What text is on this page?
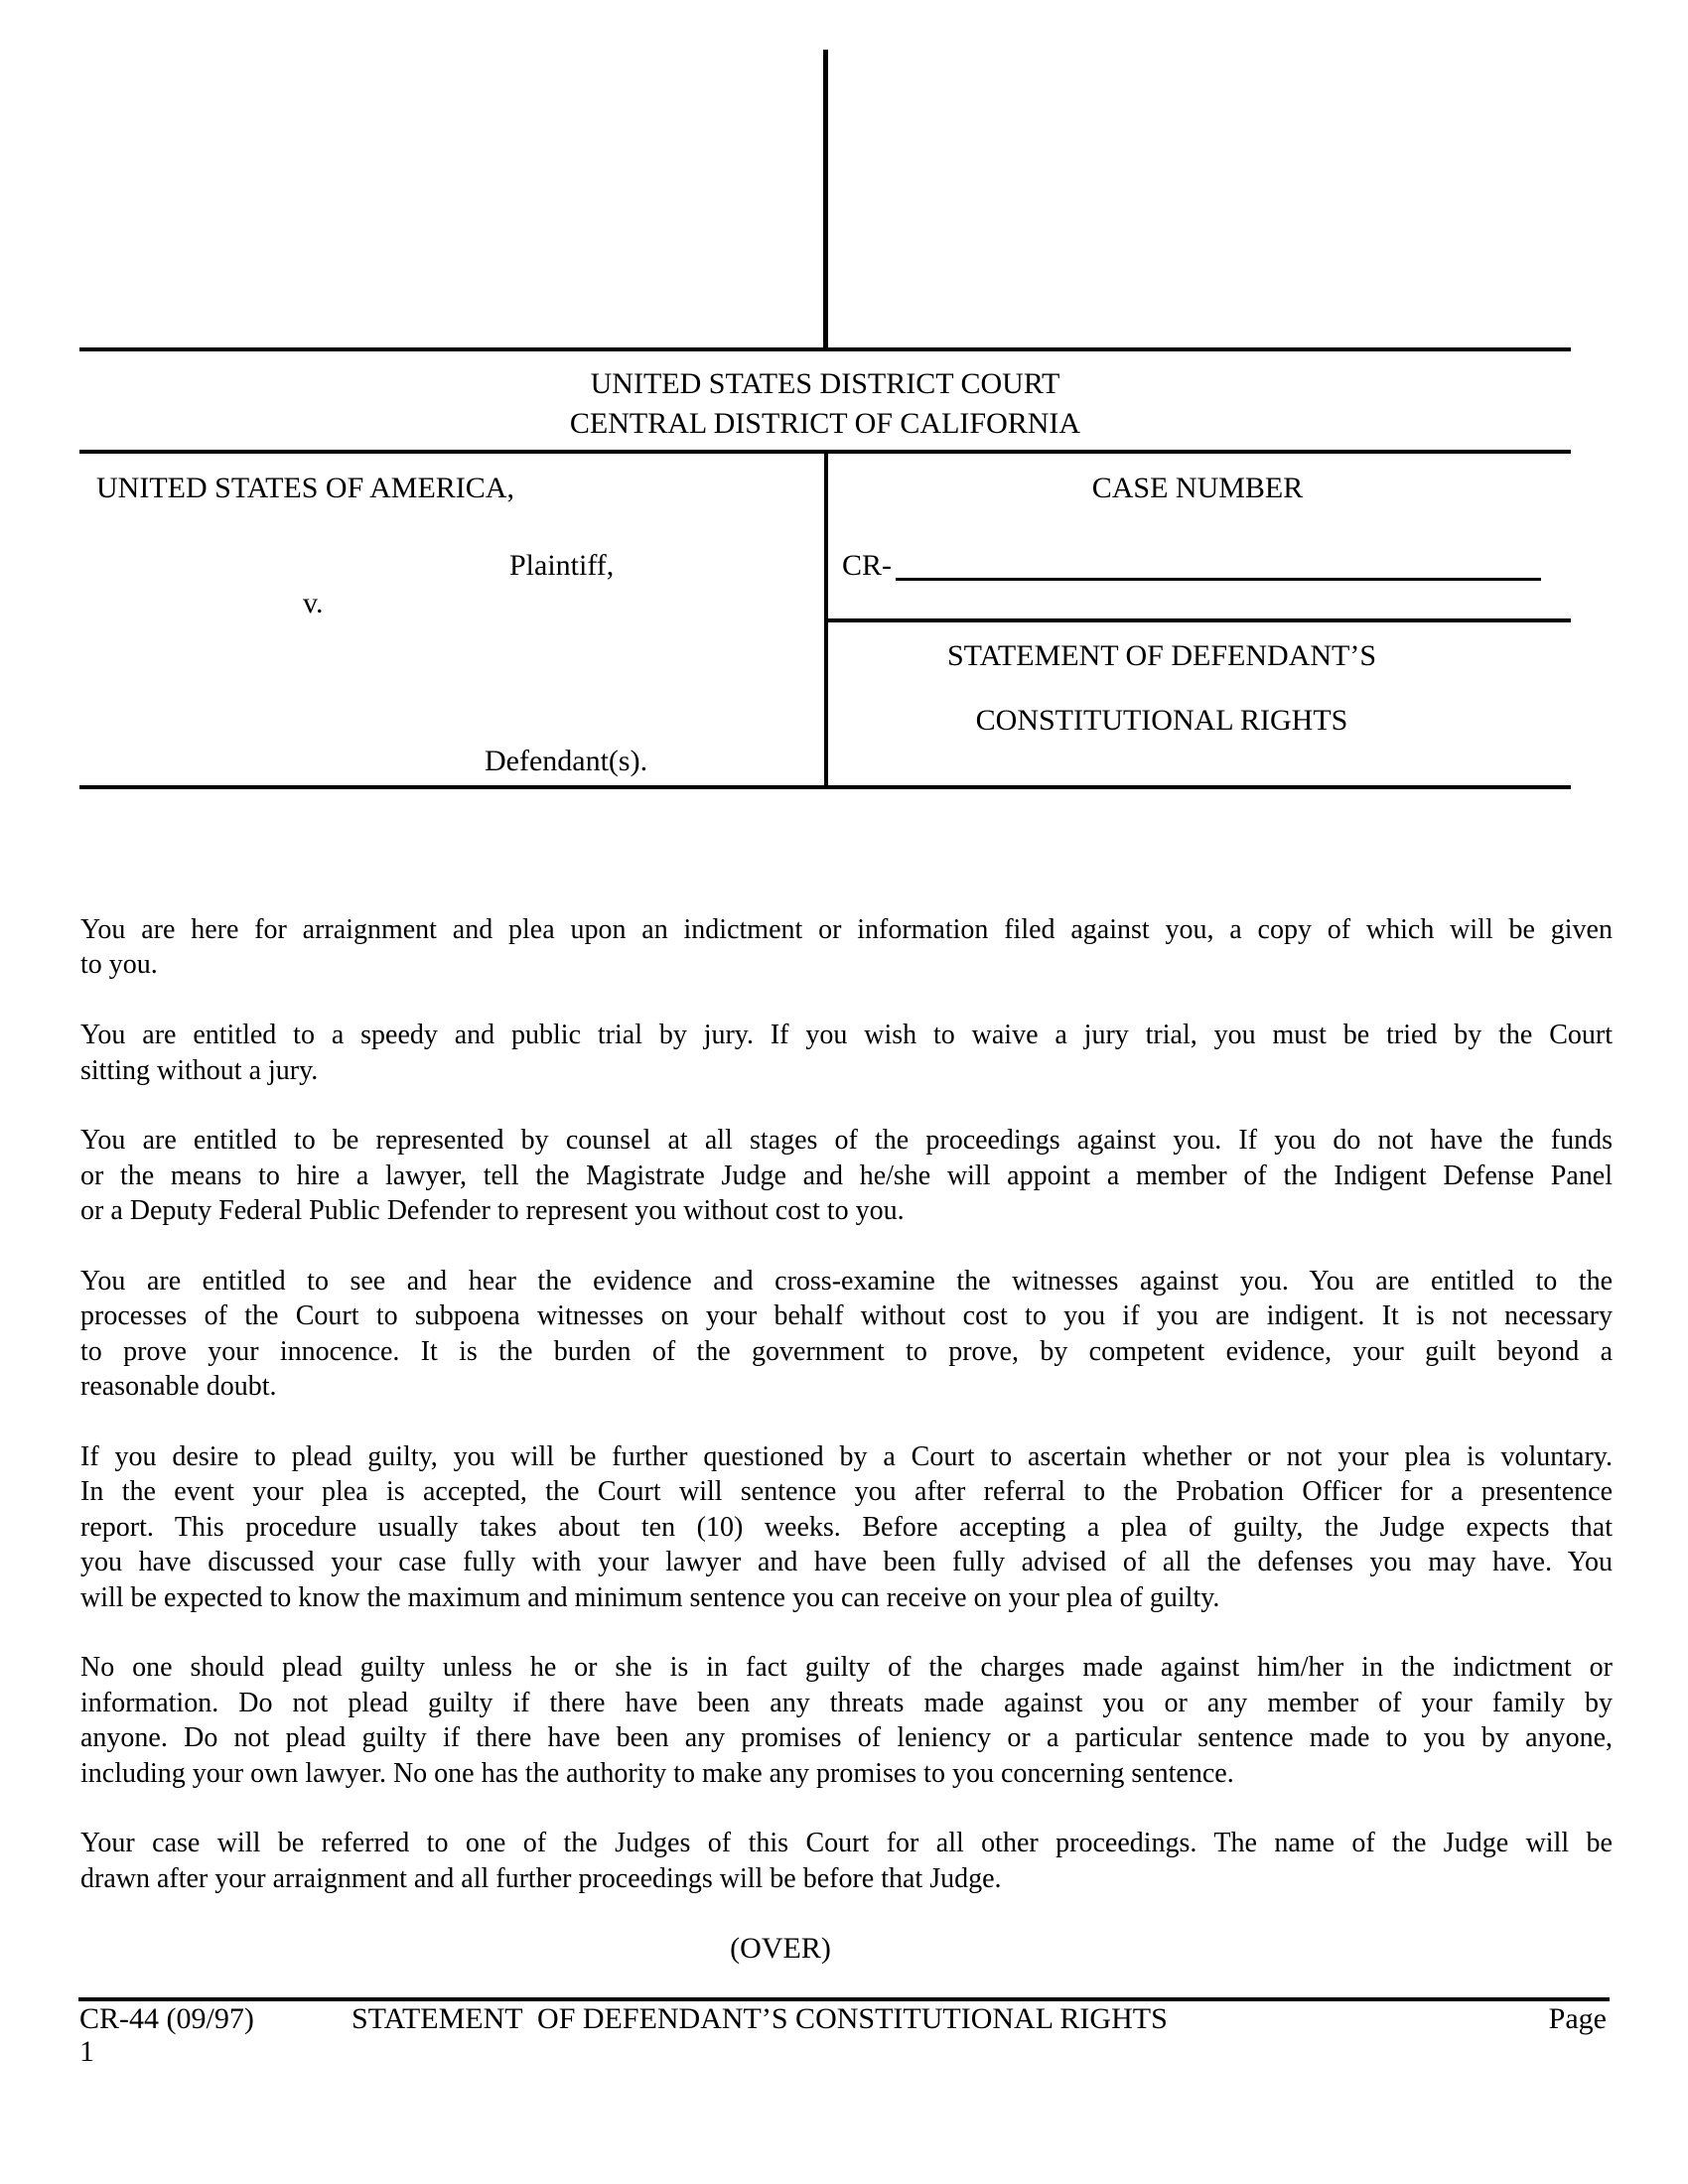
UNITED STATES DISTRICT COURT
CENTRAL DISTRICT OF CALIFORNIA
UNITED STATES OF AMERICA,
Plaintiff,
v.
Defendant(s).
CASE NUMBER
CR-
STATEMENT OF DEFENDANT’S
CONSTITUTIONAL RIGHTS
You are here for arraignment and plea upon an indictment or information filed against you, a copy of which will be given
to you.
You are entitled to a speedy and public trial by jury. If you wish to waive a jury trial, you must be tried by the Court
sitting without a jury.
You are entitled to be represented by counsel at all stages of the proceedings against you. If you do not have the funds
or the means to hire a lawyer, tell the Magistrate Judge and he/she will appoint a member of the Indigent Defense Panel
or a Deputy Federal Public Defender to represent you without cost to you.
You are entitled to see and hear the evidence and cross-examine the witnesses against you. You are entitled to the
processes of the Court to subpoena witnesses on your behalf without cost to you if you are indigent. It is not necessary
to prove your innocence. It is the burden of the government to prove, by competent evidence, your guilt beyond a
reasonable doubt.
If you desire to plead guilty, you will be further questioned by a Court to ascertain whether or not your plea is voluntary.
In the event your plea is accepted, the Court will sentence you after referral to the Probation Officer for a presentence
report. This procedure usually takes about ten (10) weeks. Before accepting a plea of guilty, the Judge expects that
you have discussed your case fully with your lawyer and have been fully advised of all the defenses you may have. You
will be expected to know the maximum and minimum sentence you can receive on your plea of guilty.
No one should plead guilty unless he or she is in fact guilty of the charges made against him/her in the indictment or
information. Do not plead guilty if there have been any threats made against you or any member of your family by
anyone. Do not plead guilty if there have been any promises of leniency or a particular sentence made to you by anyone,
including your own lawyer. No one has the authority to make any promises to you concerning sentence.
Your case will be referred to one of the Judges of this Court for all other proceedings. The name of the Judge will be
drawn after your arraignment and all further proceedings will be before that Judge.
(OVER)
CR-44 (09/97)	STATEMENT  OF DEFENDANT’S CONSTITUTIONAL RIGHTS	Page
1
